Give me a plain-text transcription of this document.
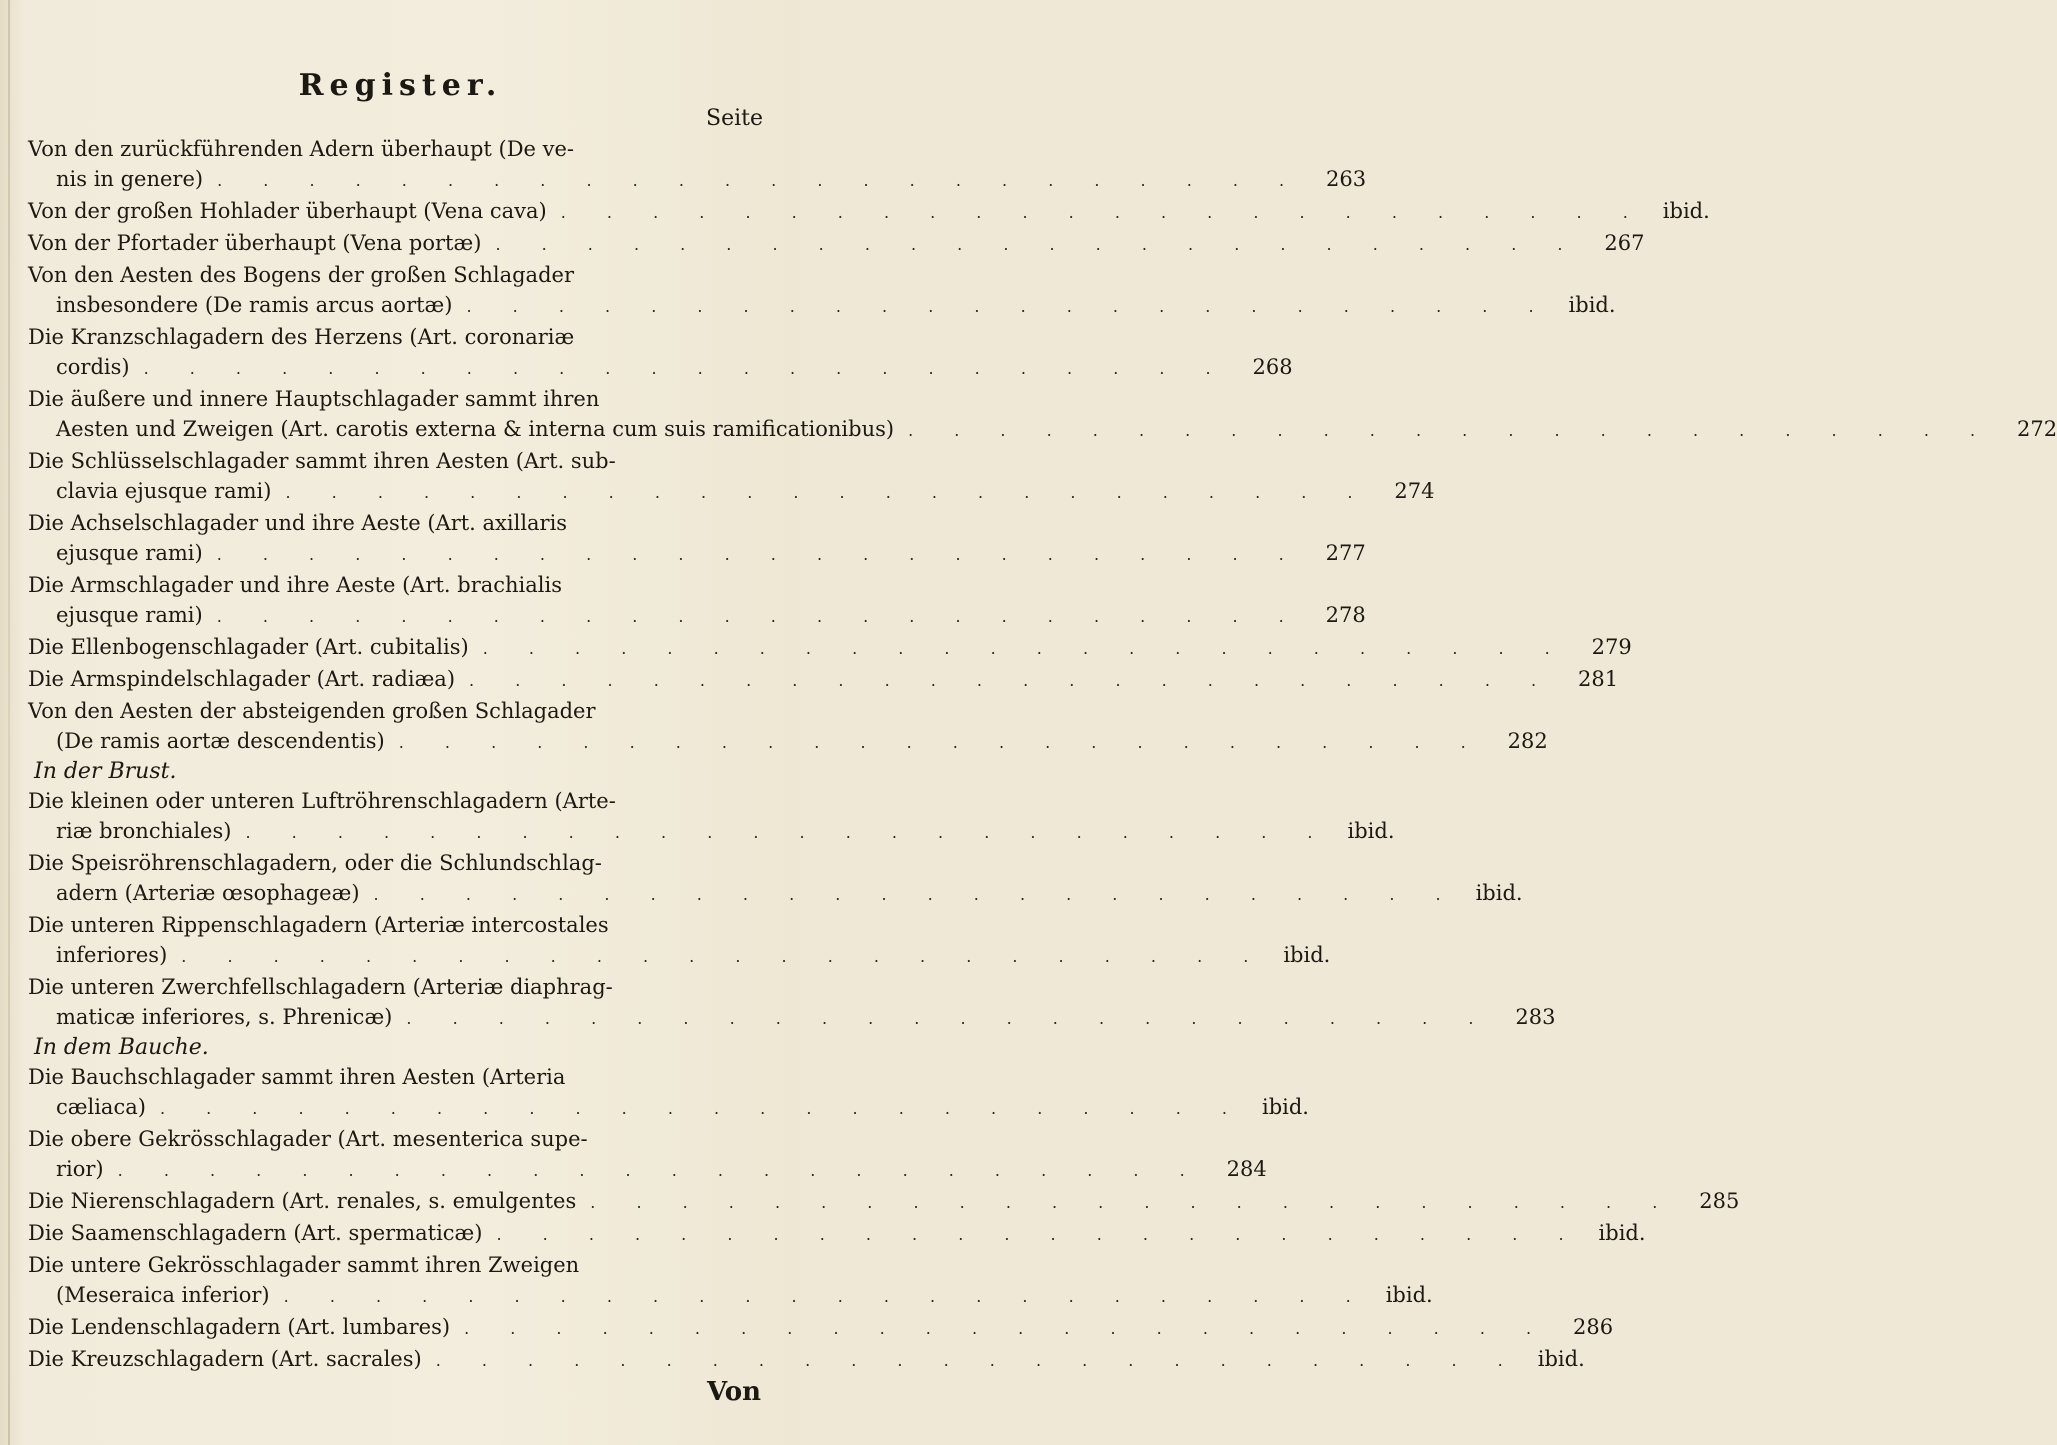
Register.
Seite
Von den zurückführenden Adern überhaupt (De ve-
nis in genere) . . . . . . . . . . . . . . . . . . . . . . . .	263
Von der großen Hohlader überhaupt (Vena cava) . . . . . . . . . . . . . . . . . . . . . . . . ibid.
Von der Pfortader überhaupt (Vena portæ) . . . . . . . . . . . . . . . . . . . . . . . .	267
Von den Aesten des Bogens der großen Schlagader
insbesondere (De ramis arcus aortæ) . . . . . . . . . . . . . . . . . . . . . . . . ibid.
Die Kranzschlagadern des Herzens (Art. coronariæ
cordis) . . . . . . . . . . . . . . . . . . . . . . . .	268
Die äußere und innere Hauptschlagader sammt ihren
Aesten und Zweigen (Art. carotis externa & interna cum suis ramificationibus) . . . . . . . . . . . . . . . . . . . . . . . .	272
Die Schlüsselschlagader sammt ihren Aesten (Art. sub-
clavia ejusque rami) . . . . . . . . . . . . . . . . . . . . . . . .	274
Die Achselschlagader und ihre Aeste (Art. axillaris
ejusque rami) . . . . . . . . . . . . . . . . . . . . . . . .	277
Die Armschlagader und ihre Aeste (Art. brachialis
ejusque rami) . . . . . . . . . . . . . . . . . . . . . . . .	278
Die Ellenbogenschlagader (Art. cubitalis) . . . . . . . . . . . . . . . . . . . . . . . .	279
Die Armspindelschlagader (Art. radiæa) . . . . . . . . . . . . . . . . . . . . . . . .	281
Von den Aesten der absteigenden großen Schlagader
(De ramis aortæ descendentis) . . . . . . . . . . . . . . . . . . . . . . . .	282
In der Brust.
Die kleinen oder unteren Luftröhrenschlagadern (Arte-
riæ bronchiales) . . . . . . . . . . . . . . . . . . . . . . . . ibid.
Die Speisröhrenschlagadern, oder die Schlundschlag-
adern (Arteriæ œsophageæ) . . . . . . . . . . . . . . . . . . . . . . . . ibid.
Die unteren Rippenschlagadern (Arteriæ intercostales
inferiores) . . . . . . . . . . . . . . . . . . . . . . . . ibid.
Die unteren Zwerchfellschlagadern (Arteriæ diaphrag-
maticæ inferiores, s. Phrenicæ) . . . . . . . . . . . . . . . . . . . . . . . .	283
In dem Bauche.
Die Bauchschlagader sammt ihren Aesten (Arteria
cæliaca) . . . . . . . . . . . . . . . . . . . . . . . . ibid.
Die obere Gekrösschlagader (Art. mesenterica supe-
rior) . . . . . . . . . . . . . . . . . . . . . . . .	284
Die Nierenschlagadern (Art. renales, s. emulgentes . . . . . . . . . . . . . . . . . . . . . . . .	285
Die Saamenschlagadern (Art. spermaticæ) . . . . . . . . . . . . . . . . . . . . . . . . ibid.
Die untere Gekrösschlagader sammt ihren Zweigen
(Meseraica inferior) . . . . . . . . . . . . . . . . . . . . . . . . ibid.
Die Lendenschlagadern (Art. lumbares) . . . . . . . . . . . . . . . . . . . . . . . .	286
Die Kreuzschlagadern (Art. sacrales) . . . . . . . . . . . . . . . . . . . . . . . . ibid.
Von
